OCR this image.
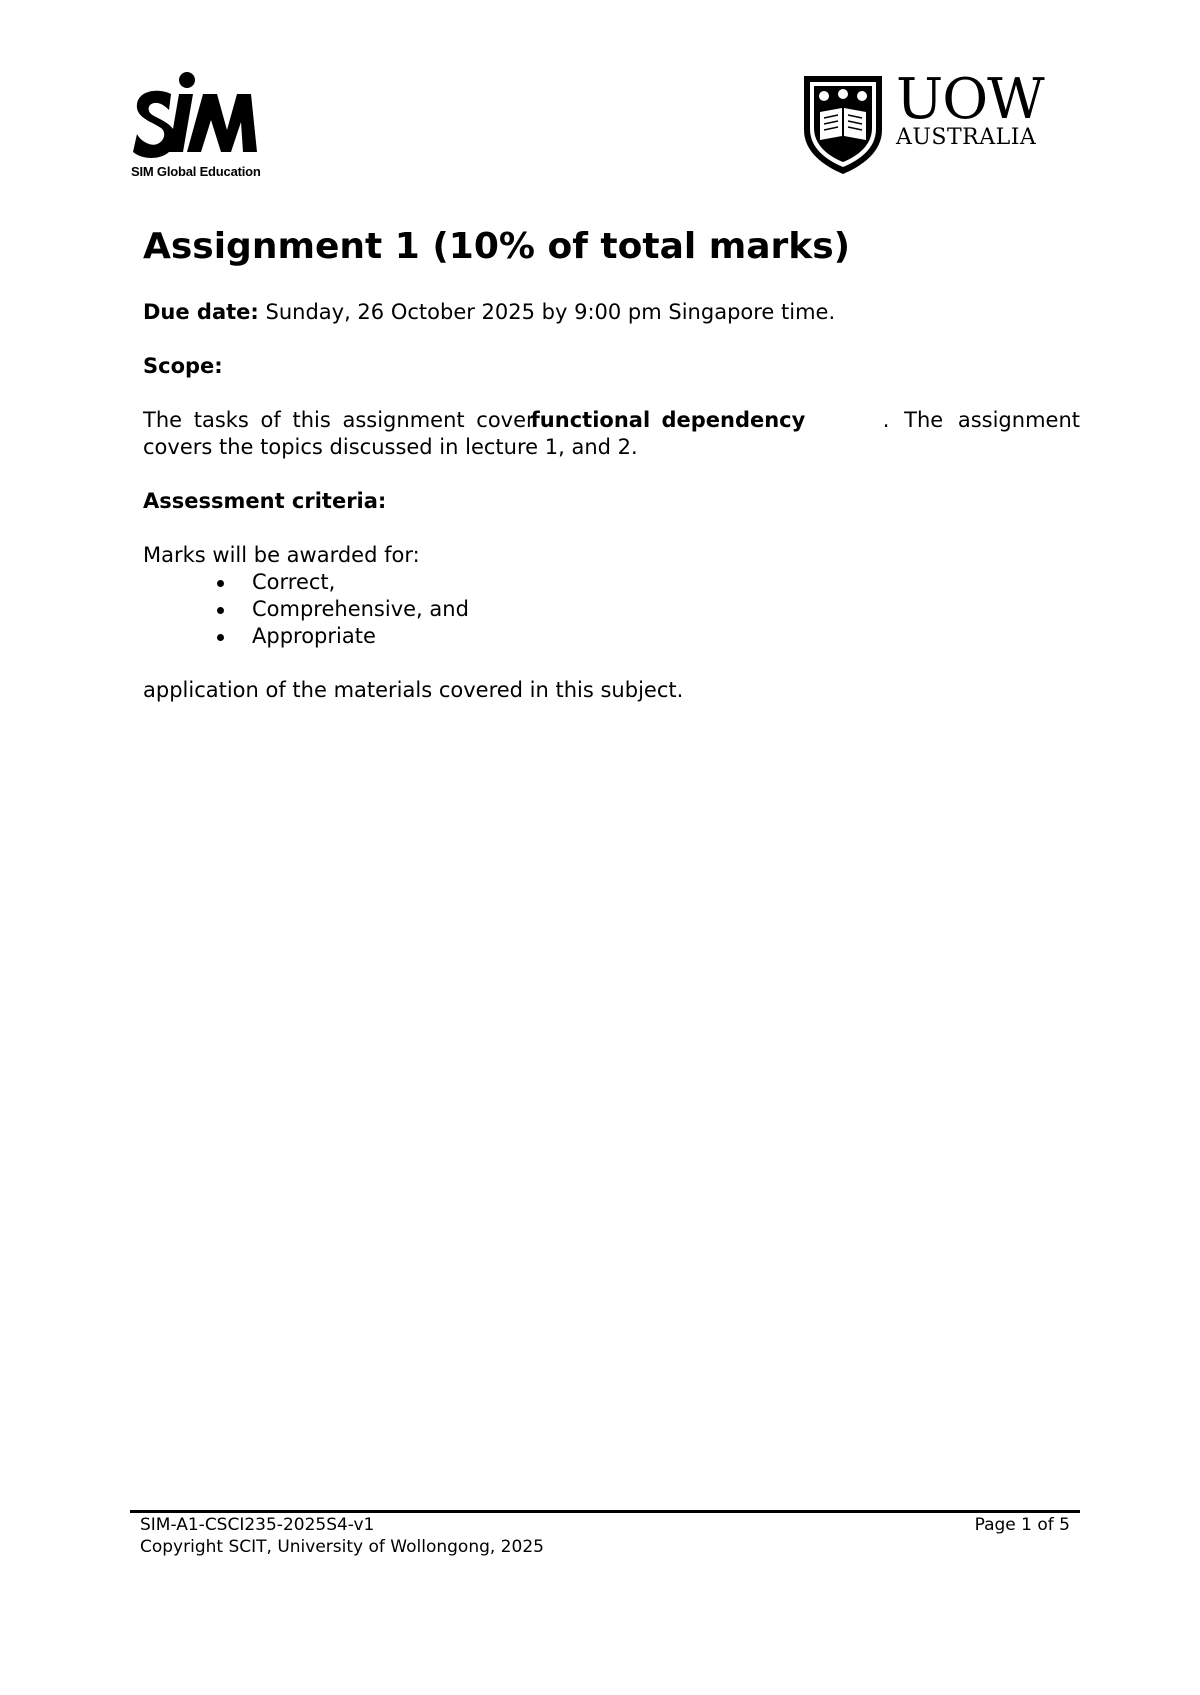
SIM Global Education
UOW
AUSTRALIA
Assignment 1 (10% of total marks)
Due date: Sunday, 26 October 2025 by 9:00 pm Singapore time.
Scope:
The tasks of this assignment cover
functional dependency	. The assignment
covers the topics discussed in lecture 1, and 2.
Assessment criteria:
Marks will be awarded for:
Correct,
Comprehensive, and
Appropriate
application of the materials covered in this subject.
SIM-A1-CSCI235-2025S4-v1
Copyright SCIT, University of Wollongong, 2025
Page 1 of 5
